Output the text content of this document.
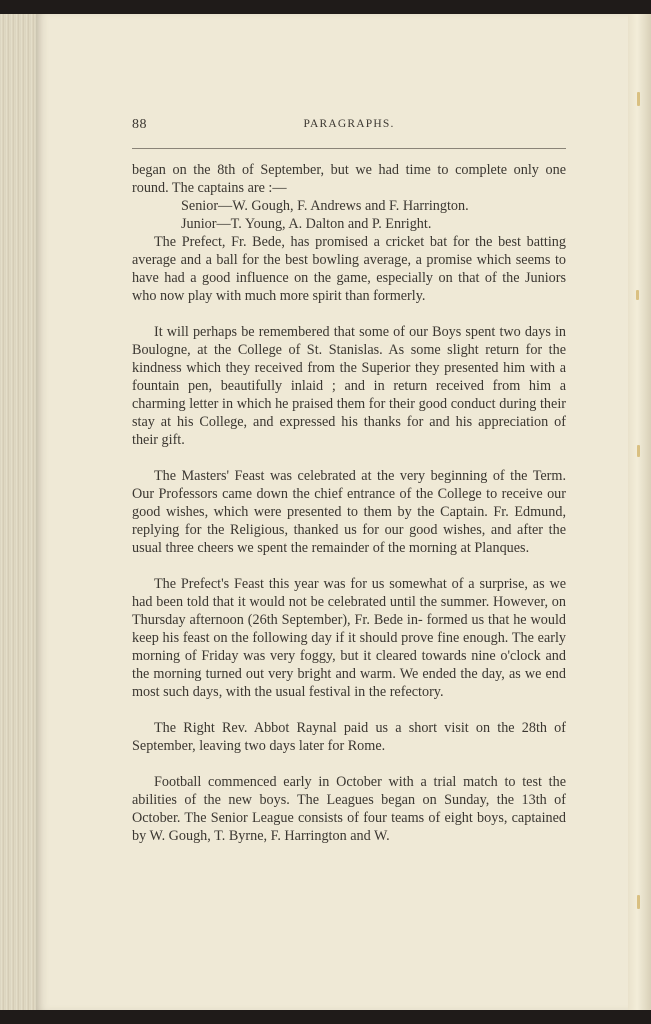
88	PARAGRAPHS.

began on the 8th of September, but we had time to complete only one round. The captains are :—
Senior—W. Gough, F. Andrews and F. Harrington.
Junior—T. Young, A. Dalton and P. Enright.

The Prefect, Fr. Bede, has promised a cricket bat for the best batting average and a ball for the best bowling average, a promise which seems to have had a good influence on the game, especially on that of the Juniors who now play with much more spirit than formerly.

It will perhaps be remembered that some of our Boys spent two days in Boulogne, at the College of St. Stanislas. As some slight return for the kindness which they received from the Superior they presented him with a fountain pen, beautifully inlaid ; and in return received from him a charming letter in which he praised them for their good conduct during their stay at his College, and expressed his thanks for and his appreciation of their gift.

The Masters' Feast was celebrated at the very beginning of the Term. Our Professors came down the chief entrance of the College to receive our good wishes, which were presented to them by the Captain. Fr. Edmund, replying for the Religious, thanked us for our good wishes, and after the usual three cheers we spent the remainder of the morning at Planques.

The Prefect's Feast this year was for us somewhat of a surprise, as we had been told that it would not be celebrated until the summer. However, on Thursday afternoon (26th September), Fr. Bede in- formed us that he would keep his feast on the following day if it should prove fine enough. The early morning of Friday was very foggy, but it cleared towards nine o'clock and the morning turned out very bright and warm. We ended the day, as we end most such days, with the usual festival in the refectory.

The Right Rev. Abbot Raynal paid us a short visit on the 28th of September, leaving two days later for Rome.

Football commenced early in October with a trial match to test the abilities of the new boys. The Leagues began on Sunday, the 13th of October. The Senior League consists of four teams of eight boys, captained by W. Gough, T. Byrne, F. Harrington and W.
